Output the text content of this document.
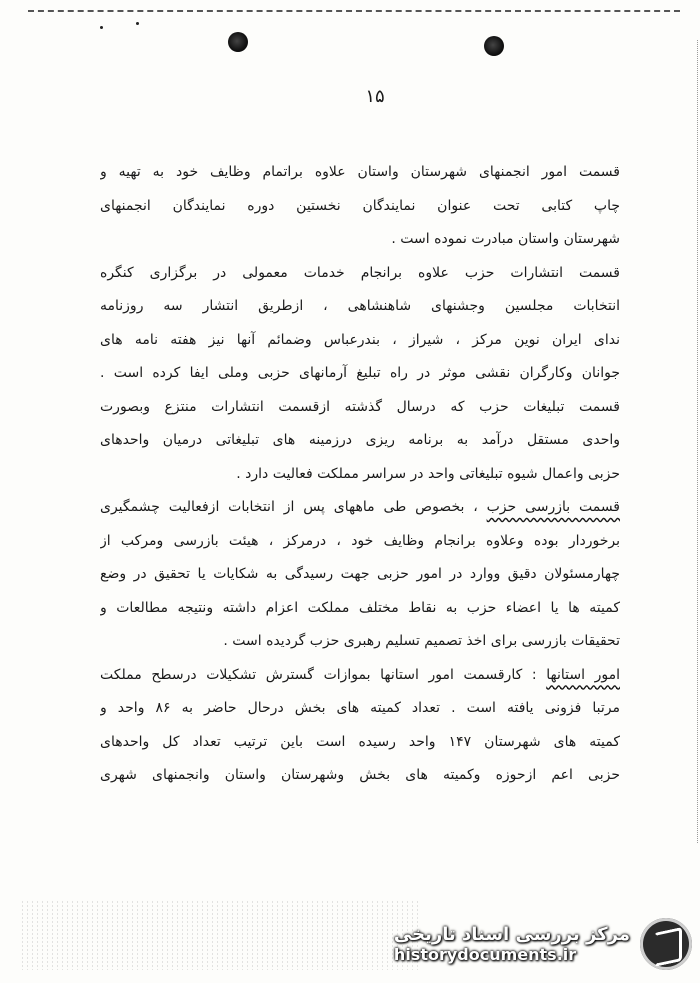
۱۵
قسمت امور انجمنهای شهرستان واستان علاوه براتمام وظایف خود به تهیه و
چاپ کتابی تحت عنوان نمایندگان نخستین دوره نمایندگان انجمنهای
شهرستان واستان مبادرت نموده است .
قسمت انتشارات حزب علاوه برانجام خدمات معمولی در برگزاری کنگره
انتخابات مجلسین وجشنهای شاهنشاهی ، ازطریق انتشار سه روزنامه
ندای ایران نوین مرکز ، شیراز ، بندرعباس وضمائم آنها نیز هفته نامه های
جوانان وکارگران نقشی موثر در راه تبلیغ آرمانهای حزبی وملی ایفا کرده است .
قسمت تبلیغات حزب که درسال گذشته ازقسمت انتشارات منتزع وبصورت
واحدی مستقل درآمد به برنامه ریزی درزمینه های تبلیغاتی درمیان واحدهای
حزبی واعمال شیوه تبلیغاتی واحد در سراسر مملکت فعالیت دارد .
قسمت بازرسی حزب ، بخصوص طی ماههای پس از انتخابات ازفعالیت چشمگیری
برخوردار بوده وعلاوه برانجام وظایف خود ، درمرکز ، هیئت بازرسی ومرکب از
چهارمسئولان دقیق ووارد در امور حزبی جهت رسیدگی به شکایات یا تحقیق در وضع
کمیته ها یا اعضاء حزب به نقاط مختلف مملکت اعزام داشته ونتیجه مطالعات و
تحقیقات بازرسی برای اخذ تصمیم تسلیم رهبری حزب گردیده است .
امور استانها : کارقسمت امور استانها بموازات گسترش تشکیلات درسطح مملکت
مرتبا فزونی یافته است . تعداد کمیته های بخش درحال حاضر به ۸۶ واحد و
کمیته های شهرستان ۱۴۷ واحد رسیده است باین ترتیب تعداد کل واحدهای
حزبی اعم ازحوزه وکمیته های بخش وشهرستان واستان وانجمنهای شهری
مرکز بررسی اسناد تاریخی
historydocuments.ir
